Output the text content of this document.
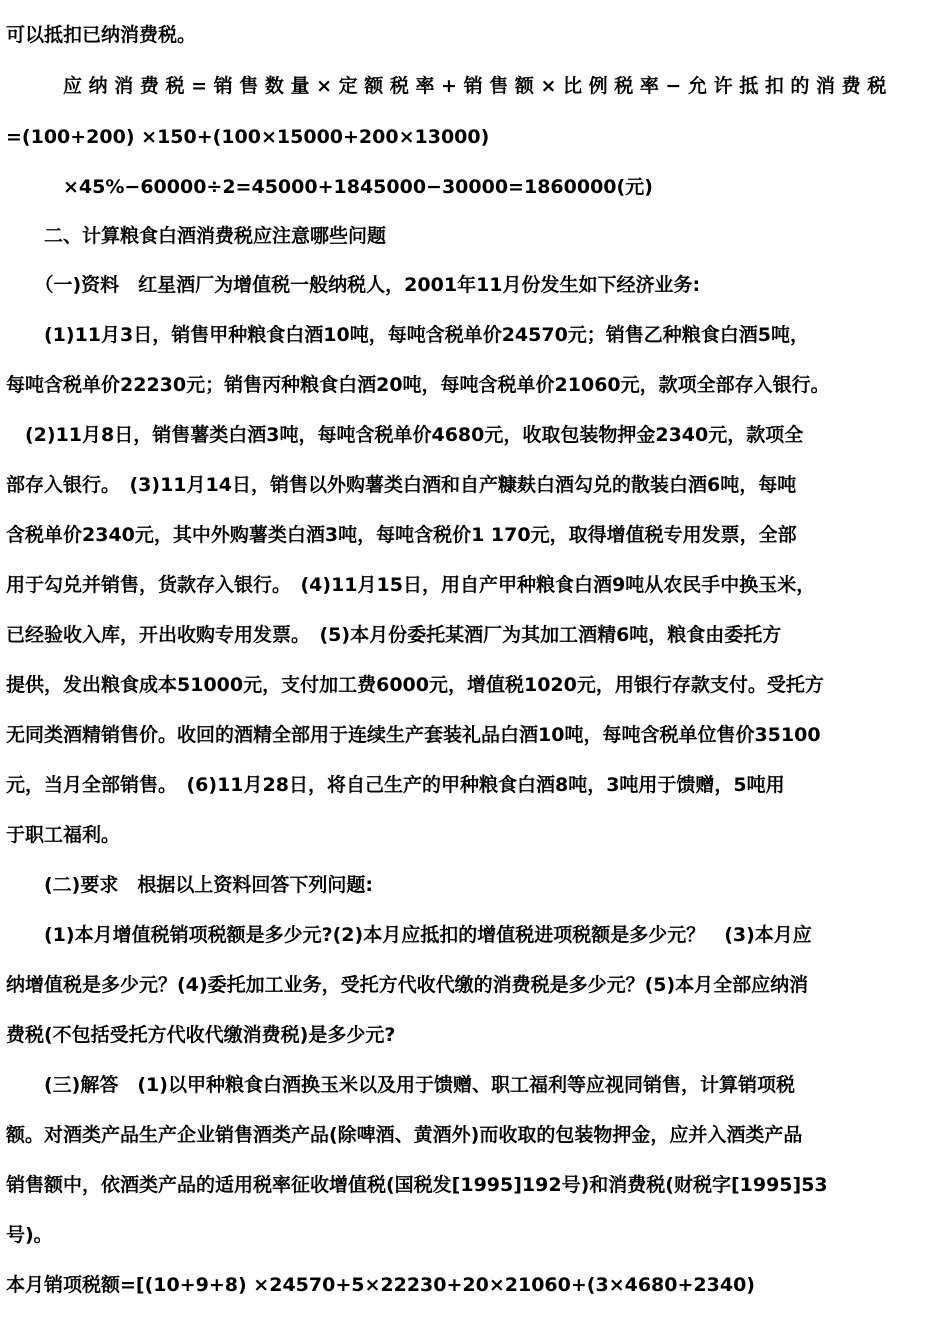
可以抵扣已纳消费税。
　　　应 纳 消 费 税 = 销 售 数 量 × 定 额 税 率 + 销 售 额 × 比 例 税 率 − 允 许 抵 扣 的 消 费 税
=(100+200) ×150+(100×15000+200×13000)
　　　×45%−60000÷2=45000+1845000−30000=1860000(元)
　　二、计算粮食白酒消费税应注意哪些问题
　　（一)资料　红星酒厂为增值税一般纳税人，2001年11月份发生如下经济业务:
　　(1)11月3日，销售甲种粮食白酒10吨，每吨含税单价24570元；销售乙种粮食白酒5吨，
每吨含税单价22230元；销售丙种粮食白酒20吨，每吨含税单价21060元，款项全部存入银行。
　(2)11月8日，销售薯类白酒3吨，每吨含税单价4680元，收取包装物押金2340元，款项全
部存入银行。　(3)11月14日，销售以外购薯类白酒和自产糠麸白酒勾兑的散装白酒6吨，每吨
含税单价2340元，其中外购薯类白酒3吨，每吨含税价1 170元，取得增值税专用发票，全部
用于勾兑并销售，货款存入银行。　(4)11月15日，用自产甲种粮食白酒9吨从农民手中换玉米，
已经验收入库，开出收购专用发票。　(5)本月份委托某酒厂为其加工酒精6吨，粮食由委托方
提供，发出粮食成本51000元，支付加工费6000元，增值税1020元，用银行存款支付。受托方
无同类酒精销售价。收回的酒精全部用于连续生产套装礼品白酒10吨，每吨含税单位售价35100
元，当月全部销售。　(6)11月28日，将自己生产的甲种粮食白酒8吨，3吨用于馈赠，5吨用
于职工福利。
　　(二)要求　根据以上资料回答下列问题:
　　(1)本月增值税销项税额是多少元?(2)本月应抵扣的增值税进项税额是多少元？　(3)本月应
纳增值税是多少元？(4)委托加工业务，受托方代收代缴的消费税是多少元？(5)本月全部应纳消
费税(不包括受托方代收代缴消费税)是多少元?
　　(三)解答　(1)以甲种粮食白酒换玉米以及用于馈赠、职工福利等应视同销售，计算销项税
额。对酒类产品生产企业销售酒类产品(除啤酒、黄酒外)而收取的包装物押金，应并入酒类产品
销售额中，依酒类产品的适用税率征收增值税(国税发[1995]192号)和消费税(财税字[1995]53
号)。
本月销项税额=[(10+9+8) ×24570+5×22230+20×21060+(3×4680+2340)
